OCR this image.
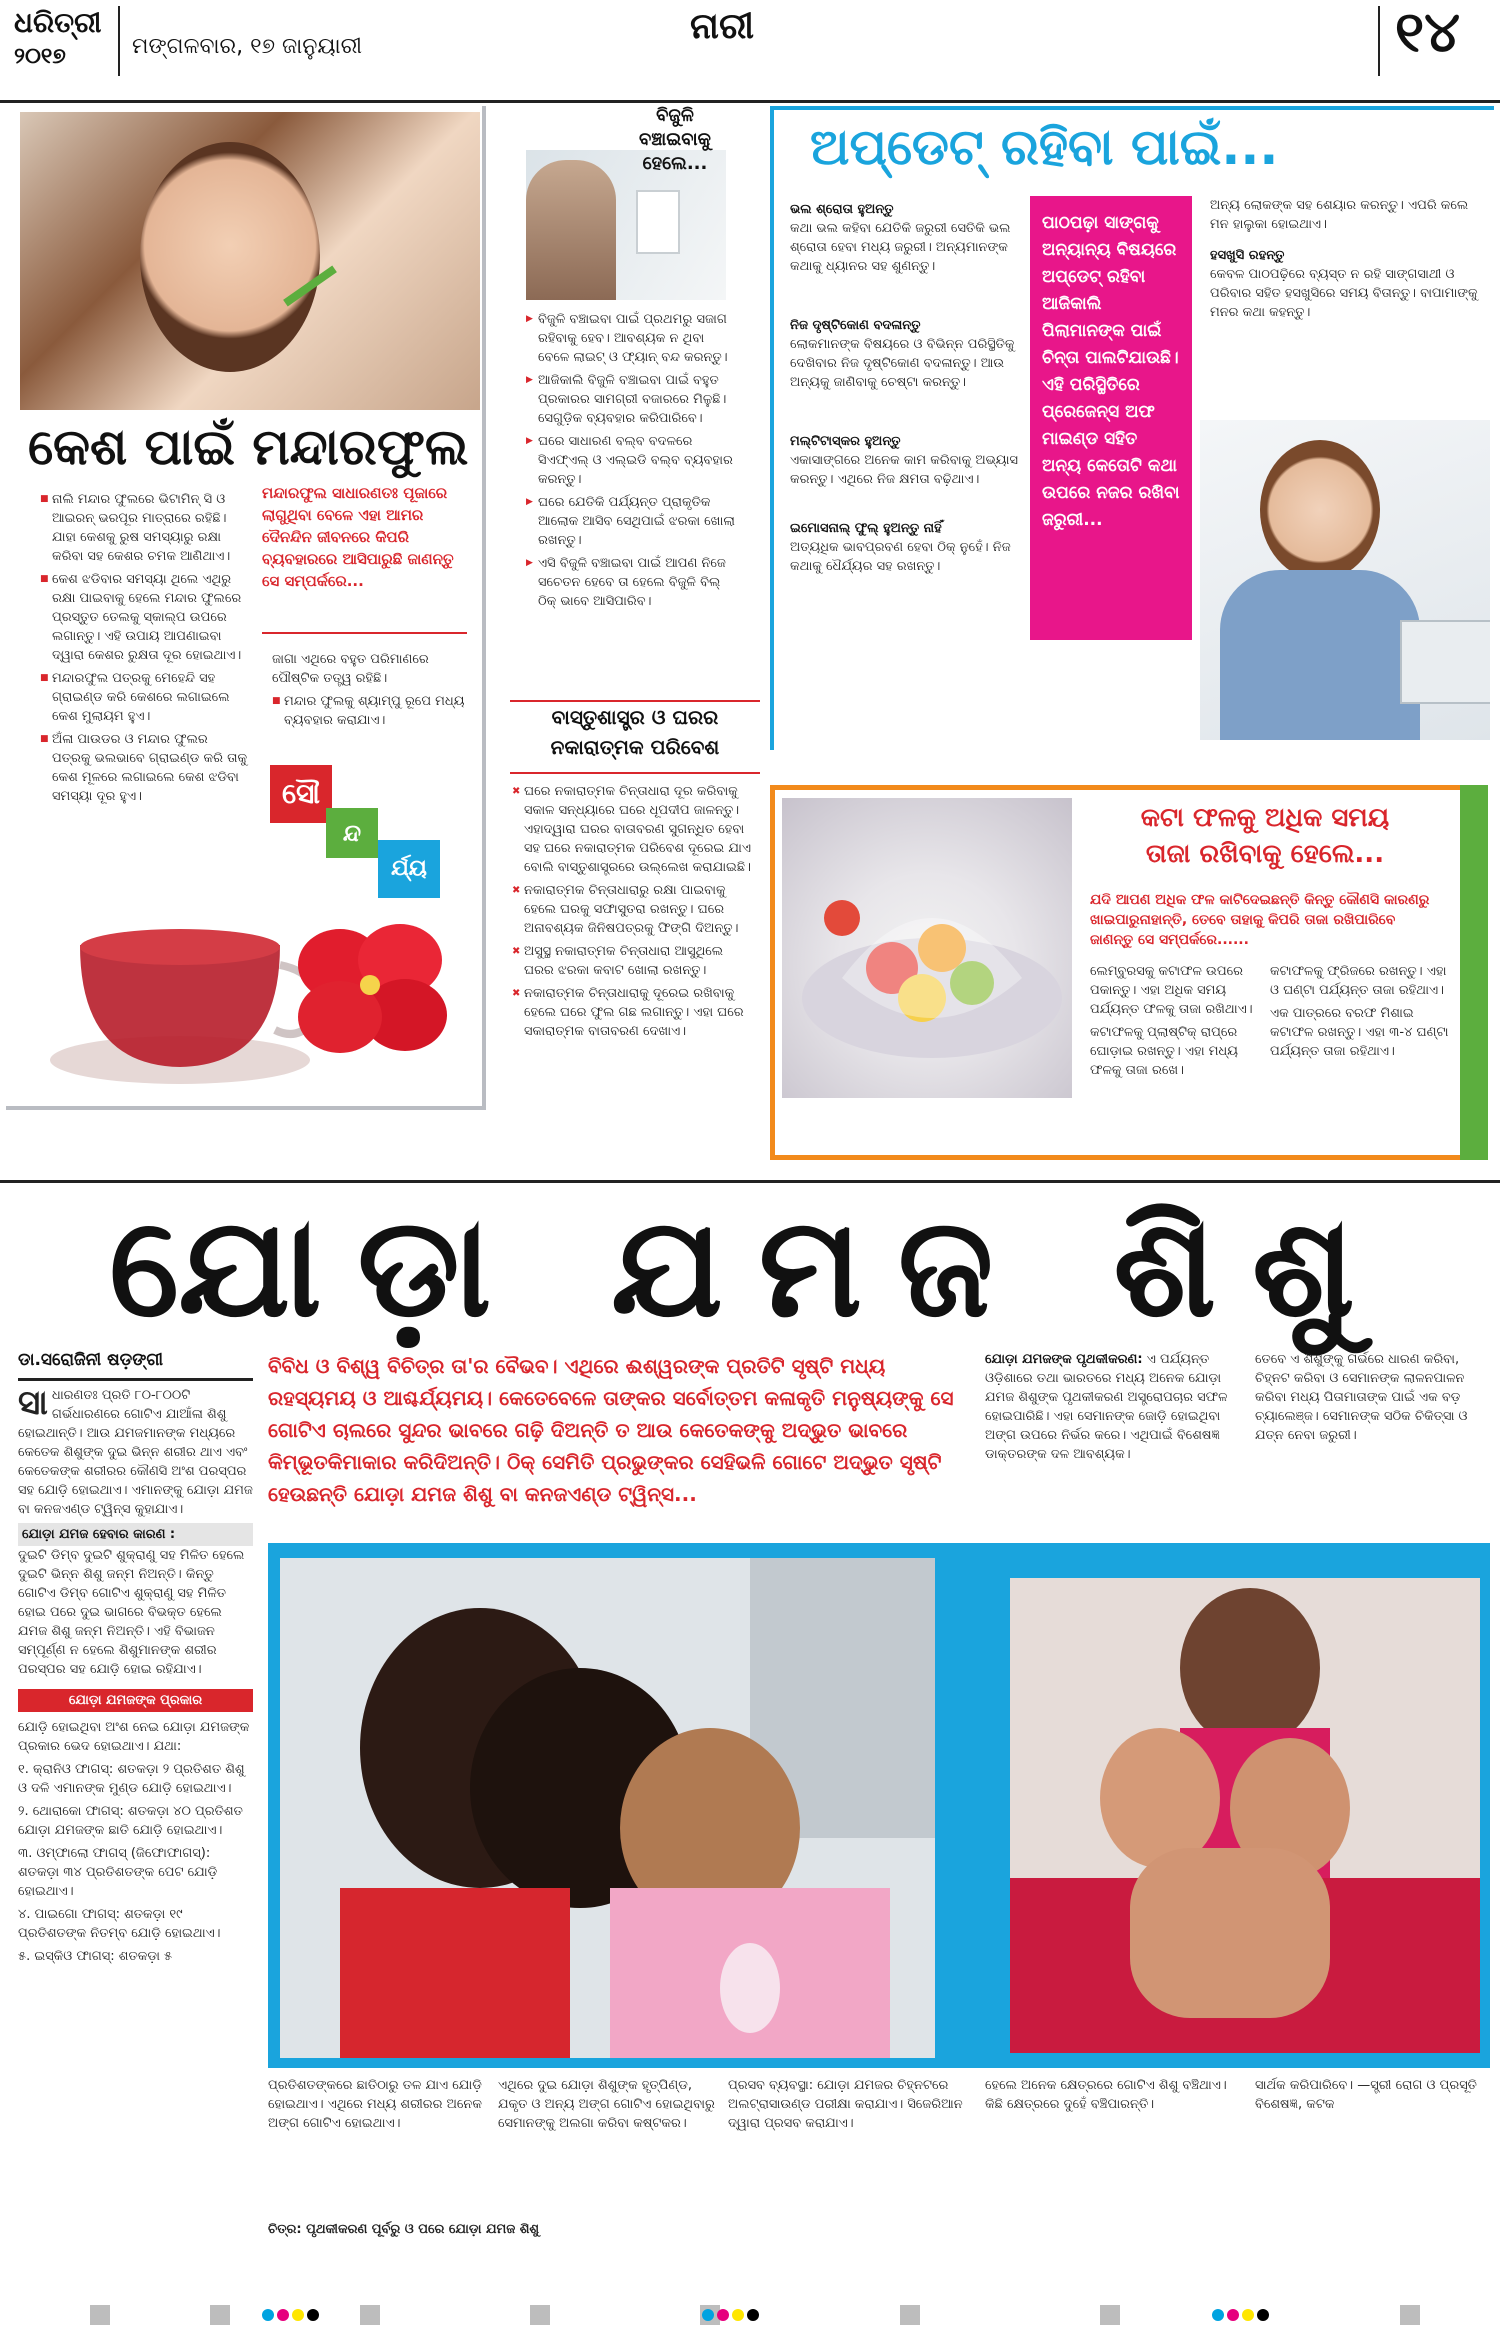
ଧରିତ୍ରୀ
୨୦୧୭	ମଙ୍ଗଳବାର, ୧୭ ଜାନୁୟାରୀ	ନାରୀ	୧୪
କେଶ ପାଇଁ ମନ୍ଦାରଫୁଲ

■ ନାଲି ମନ୍ଦାର ଫୁଲରେ ଭିଟାମିନ୍ ସି ଓ ଆଇରନ୍ ଭରପୂର ମାତ୍ରାରେ ରହିଛି। ଯାହା କେଶକୁ ରୁଷ ସମସ୍ୟାରୁ ରକ୍ଷା କରିବା ସହ କେଶର ଚମକ ଆଣିଥାଏ।

■ କେଶ ଝଡିବାର ସମସ୍ୟା ଥିଲେ ଏଥିରୁ ରକ୍ଷା ପାଇବାକୁ ହେଲେ ମନ୍ଦାର ଫୁଲରେ ପ୍ରସ୍ତୁତ ତେଲକୁ ସ୍କାଲ୍ପ ଉପରେ ଲଗାନ୍ତୁ। ଏହି ଉପାୟ ଆପଣାଇବା ଦ୍ୱାରା କେଶର ରୁକ୍ଷତା ଦୂର ହୋଇଥାଏ।

■ ମନ୍ଦାରଫୁଲ ପତ୍ରକୁ ମେହେନ୍ଦି ସହ ଗ୍ରାଇଣ୍ଡ କରି କେଶରେ ଲଗାଇଲେ କେଶ ମୁଲାୟମ ହୁଏ।

■ ଅଁଳା ପାଉଡର ଓ ମନ୍ଦାର ଫୁଲର ପତ୍ରକୁ ଭଲଭାବେ ଗ୍ରାଇଣ୍ଡ କରି ତାକୁ କେଶ ମୂଳରେ ଲଗାଇଲେ କେଶ ଝଡିବା ସମସ୍ୟା ଦୂର ହୁଏ।

ମନ୍ଦାରଫୁଲ ସାଧାରଣତଃ ପୂଜାରେ ଲାଗୁଥିବା ବେଳେ ଏହା ଆମର ଦୈନନ୍ଦିନ ଜୀବନରେ କିପରି ବ୍ୟବହାରରେ ଆସିପାରୁଛି ଜାଣନ୍ତୁ ସେ ସମ୍ପର୍କରେ...

ଜାଗା ଏଥିରେ ବହୁତ ପରିମାଣରେ ପୌଷ୍ଟିକ ତତ୍ତ୍ୱ ରହିଛି।

■ ମନ୍ଦାର ଫୁଲକୁ ଶ୍ୟାମ୍ପୁ ରୂପେ ମଧ୍ୟ ବ୍ୟବହାର କରାଯାଏ।

ସୌ
ନ୍ଦ
ର୍ଯ୍ୟ
ବିଜୁଳି
ବଞ୍ଚାଇବାକୁ
ହେଲେ...

▶ ବିଜୁଳି ବଞ୍ଚାଇବା ପାଇଁ ପ୍ରଥମରୁ ସଜାଗ ରହିବାକୁ ହେବ। ଆବଶ୍ୟକ ନ ଥିବା ବେଳେ ଲାଇଟ୍ ଓ ଫ୍ୟାନ୍ ବନ୍ଦ କରନ୍ତୁ।

▶ ଆଜିକାଲି ବିଜୁଳି ବଞ୍ଚାଇବା ପାଇଁ ବହୁତ ପ୍ରକାରର ସାମଗ୍ରୀ ବଜାରରେ ମିଳୁଛି। ସେଗୁଡ଼ିକ ବ୍ୟବହାର କରିପାରିବେ।

▶ ଘରେ ସାଧାରଣ ବଲ୍ବ ବଦଳରେ ସିଏଫ୍ଏଲ୍ ଓ ଏଲ୍ଇଡି ବଲ୍ବ ବ୍ୟବହାର କରନ୍ତୁ।

▶ ଘରେ ଯେତିକି ପର୍ଯ୍ୟନ୍ତ ପ୍ରାକୃତିକ ଆଲୋକ ଆସିବ ସେଥିପାଇଁ ଝରକା ଖୋଲା ରଖନ୍ତୁ।

▶ ଏସି ବିଜୁଳି ବଞ୍ଚାଇବା ପାଇଁ ଆପଣ ନିଜେ ସଚେତନ ହେବେ ତା ହେଲେ ବିଜୁଳି ବିଲ୍ ଠିକ୍ ଭାବେ ଆସିପାରିବ।

ବାସ୍ତୁଶାସ୍ତ୍ର ଓ ଘରର ନକାରାତ୍ମକ ପରିବେଶ

✖ ଘରେ ନକାରାତ୍ମକ ଚିନ୍ତାଧାରା ଦୂର କରିବାକୁ ସକାଳ ସନ୍ଧ୍ୟାରେ ଘରେ ଧୂପଦୀପ ଜାଳନ୍ତୁ। ଏହାଦ୍ୱାରା ଘରର ବାତାବରଣ ସୁଗନ୍ଧିତ ହେବା ସହ ଘରେ ନକାରାତ୍ମକ ପରିବେଶ ଦୂରେଇ ଯାଏ ବୋଲି ବାସ୍ତୁଶାସ୍ତ୍ରରେ ଉଲ୍ଲେଖ କରାଯାଇଛି।

✖ ନକାରାତ୍ମକ ଚିନ୍ତାଧାରାରୁ ରକ୍ଷା ପାଇବାକୁ ହେଲେ ଘରକୁ ସଫାସୁତରା ରଖନ୍ତୁ। ଘରେ ଅନାବଶ୍ୟକ ଜିନିଷପତ୍ରକୁ ଫିଙ୍ଗି ଦିଅନ୍ତୁ।

✖ ଅସୁସ୍ଥ ନକାରାତ୍ମକ ଚିନ୍ତାଧାରା ଆସୁଥିଲେ ଘରର ଝରକା କବାଟ ଖୋଲା ରଖନ୍ତୁ।

✖ ନକାରାତ୍ମକ ଚିନ୍ତାଧାରାକୁ ଦୂରେଇ ରଖିବାକୁ ହେଲେ ଘରେ ଫୁଲ ଗଛ ଲଗାନ୍ତୁ। ଏହା ଘରେ ସକାରାତ୍ମକ ବାତାବରଣ ଦେଖାଏ।

ଅପ୍‌ଡେଟ୍ ରହିବା ପାଇଁ...
ପାଠପଢ଼ା ସାଙ୍ଗକୁ ଅନ୍ୟାନ୍ୟ ବିଷୟରେ ଅପ୍‌ଡେଟ୍ ରହିବା ଆଜିକାଲି ପିଲାମାନଙ୍କ ପାଇଁ ଚିନ୍ତା ପାଲଟିଯାଉଛି। ଏହି ପରିସ୍ଥିତିରେ ପ୍ରେଜେନ୍ସ ଅଫ ମାଇଣ୍ଡ ସହିତ ଅନ୍ୟ କେତୋଟି କଥା ଉପରେ ନଜର ରଖିବା ଜରୁରୀ...
ଭଲ ଶ୍ରୋତା ହୁଅନ୍ତୁ

କଥା ଭଲ କହିବା ଯେତିକି ଜରୁରୀ ସେତିକି ଭଲ ଶ୍ରୋତା ହେବା ମଧ୍ୟ ଜରୁରୀ। ଅନ୍ୟମାନଙ୍କ କଥାକୁ ଧ୍ୟାନର ସହ ଶୁଣନ୍ତୁ।

ନିଜ ଦୃଷ୍ଟିକୋଣ ବଦଳାନ୍ତୁ

ଲୋକମାନଙ୍କ ବିଷୟରେ ଓ ବିଭିନ୍ନ ପରିସ୍ଥିତିକୁ ଦେଖିବାର ନିଜ ଦୃଷ୍ଟିକୋଣ ବଦଳାନ୍ତୁ। ଆଉ ଅନ୍ୟକୁ ଜାଣିବାକୁ ଚେଷ୍ଟା କରନ୍ତୁ।

ମଲ୍ଟିଟାସ୍କର ହୁଅନ୍ତୁ

ଏକାସାଙ୍ଗରେ ଅନେକ କାମ କରିବାକୁ ଅଭ୍ୟାସ କରନ୍ତୁ। ଏଥିରେ ନିଜ କ୍ଷମତା ବଢ଼ିଥାଏ।

ଇମୋସନାଲ୍ ଫୁଲ୍ ହୁଅନ୍ତୁ ନାହିଁ

ଅତ୍ୟଧିକ ଭାବପ୍ରବଣ ହେବା ଠିକ୍ ନୁହେଁ। ନିଜ କଥାକୁ ଧୈର୍ଯ୍ୟର ସହ ରଖନ୍ତୁ।

ଅନ୍ୟ ଲୋକଙ୍କ ସହ ଶେୟାର କରନ୍ତୁ। ଏପରି କଲେ ମନ ହାଲୁକା ହୋଇଥାଏ।

ହସଖୁସି ରହନ୍ତୁ

କେବଳ ପାଠପଢ଼ିରେ ବ୍ୟସ୍ତ ନ ରହି ସାଙ୍ଗସାଥୀ ଓ ପରିବାର ସହିତ ହସଖୁସିରେ ସମୟ ବିତାନ୍ତୁ। ବାପାମାଙ୍କୁ ମନର କଥା କହନ୍ତୁ।

କଟା ଫଳକୁ ଅଧିକ ସମୟ
ତାଜା ରଖିବାକୁ ହେଲେ...
ଯଦି ଆପଣ ଅଧିକ ଫଳ କାଟିଦେଇଛନ୍ତି କିନ୍ତୁ କୌଣସି କାରଣରୁ ଖାଇପାରୁନାହାନ୍ତି, ତେବେ ତାହାକୁ କିପରି ତାଜା ରଖିପାରିବେ ଜାଣନ୍ତୁ ସେ ସମ୍ପର୍କରେ......

ଲେମ୍ବୁରସକୁ କଟାଫଳ ଉପରେ ପକାନ୍ତୁ। ଏହା ଅଧିକ ସମୟ ପର୍ଯ୍ୟନ୍ତ ଫଳକୁ ତାଜା ରଖିଥାଏ।

କଟାଫଳକୁ ପ୍ଲାଷ୍ଟିକ୍ ରାପ୍‌ରେ ଘୋଡ଼ାଇ ରଖନ୍ତୁ। ଏହା ମଧ୍ୟ ଫଳକୁ ତାଜା ରଖେ।

କଟାଫଳକୁ ଫ୍ରିଜରେ ରଖନ୍ତୁ। ଏହା ଓ ଘଣ୍ଟା ପର୍ଯ୍ୟନ୍ତ ତାଜା ରହିଥାଏ।

ଏକ ପାତ୍ରରେ ବରଫ ମିଶାଇ କଟାଫଳ ରଖନ୍ତୁ। ଏହା ୩-୪ ଘଣ୍ଟା ପର୍ଯ୍ୟନ୍ତ ତାଜା ରହିଥାଏ।

ଯୋଡ଼ା ଯମଜ ଶିଶୁ
ଡା.ସରୋଜିନୀ ଷଡ଼ଙ୍ଗୀ

ସାଧାରଣତଃ ପ୍ରତି ୮୦-୮୦୦ଟି ଗର୍ଭଧାରଣରେ ଗୋଟିଏ ଯାଆଁଳା ଶିଶୁ ହୋଇଥାନ୍ତି। ଆଉ ଯମଜମାନଙ୍କ ମଧ୍ୟରେ କେତେକ ଶିଶୁଙ୍କ ଦୁଇ ଭିନ୍ନ ଶରୀର ଥାଏ ଏବଂ କେତେକଙ୍କ ଶରୀରର କୌଣସି ଅଂଶ ପରସ୍ପର ସହ ଯୋଡ଼ି ହୋଇଥାଏ। ଏମାନଙ୍କୁ ଯୋଡ଼ା ଯମଜ ବା କନଜଏଣ୍ଡ ଟ୍ୱିନ୍ସ କୁହାଯାଏ।

ଯୋଡ଼ା ଯମଜ ହେବାର କାରଣ :

ଦୁଇଟି ଡିମ୍ବ ଦୁଇଟି ଶୁକ୍ରାଣୁ ସହ ମିଳିତ ହେଲେ ଦୁଇଟି ଭିନ୍ନ ଶିଶୁ ଜନ୍ମ ନିଅନ୍ତି। କିନ୍ତୁ ଗୋଟିଏ ଡିମ୍ବ ଗୋଟିଏ ଶୁକ୍ରାଣୁ ସହ ମିଳିତ ହୋଇ ପରେ ଦୁଇ ଭାଗରେ ବିଭକ୍ତ ହେଲେ ଯମଜ ଶିଶୁ ଜନ୍ମ ନିଅନ୍ତି। ଏହି ବିଭାଜନ ସମ୍ପୂର୍ଣ୍ଣ ନ ହେଲେ ଶିଶୁମାନଙ୍କ ଶରୀର ପରସ୍ପର ସହ ଯୋଡ଼ି ହୋଇ ରହିଯାଏ।

ଯୋଡ଼ା ଯମଜଙ୍କ ପ୍ରକାର

ଯୋଡ଼ି ହୋଇଥିବା ଅଂଶ ନେଇ ଯୋଡ଼ା ଯମଜଙ୍କ ପ୍ରକାର ଭେଦ ହୋଇଥାଏ। ଯଥା:

୧. କ୍ରାନିଓ ଫାଗସ୍: ଶତକଡ଼ା ୨ ପ୍ରତିଶତ ଶିଶୁ ଓ ଦଳି ଏମାନଙ୍କ ମୁଣ୍ଡ ଯୋଡ଼ି ହୋଇଥାଏ।

୨. ଥୋରାକୋ ଫାଗସ୍: ଶତକଡ଼ା ୪୦ ପ୍ରତିଶତ ଯୋଡ଼ା ଯମଜଙ୍କ ଛାତି ଯୋଡ଼ି ହୋଇଥାଏ।

୩. ଓମ୍ଫାଲୋ ଫାଗସ୍ (ଜିଫୋଫାଗସ୍): ଶତକଡ଼ା ୩୪ ପ୍ରତିଶତଙ୍କ ପେଟ ଯୋଡ଼ି ହୋଇଥାଏ।

୪. ପାଇଗୋ ଫାଗସ୍: ଶତକଡ଼ା ୧୯ ପ୍ରତିଶତଙ୍କ ନିତମ୍ବ ଯୋଡ଼ି ହୋଇଥାଏ।

୫. ଇସ୍କିଓ ଫାଗସ୍: ଶତକଡ଼ା ୫

ବିବିଧ ଓ ବିଶ୍ୱ ବିଚିତ୍ର ତା'ର ବୈଭବ। ଏଥିରେ ଈଶ୍ୱରଙ୍କ ପ୍ରତିଟି ସୃଷ୍ଟି ମଧ୍ୟ ରହସ୍ୟମୟ ଓ ଆଶ୍ଚର୍ଯ୍ୟମୟ। କେତେବେଳେ ତାଙ୍କର ସର୍ବୋତ୍ତମ କଳାକୃତି ମନୁଷ୍ୟଙ୍କୁ ସେ ଗୋଟିଏ ଚାଲରେ ସୁନ୍ଦର ଭାବରେ ଗଢ଼ି ଦିଅନ୍ତି ତ ଆଉ କେତେକଙ୍କୁ ଅଦ୍ଭୁତ ଭାବରେ କିମ୍ଭୂତକିମାକାର କରିଦିଅନ୍ତି। ଠିକ୍ ସେମିତି ପ୍ରଭୁଙ୍କର ସେହିଭଳି ଗୋଟେ ଅଦ୍ଭୁତ ସୃଷ୍ଟି ହେଉଛନ୍ତି ଯୋଡ଼ା ଯମଜ ଶିଶୁ ବା କନଜଏଣ୍ଡ ଟ୍ୱିନ୍ସ...
ଯୋଡ଼ା ଯମଜଙ୍କ ପୃଥକୀକରଣ: ଏ ପର୍ଯ୍ୟନ୍ତ ଓଡ଼ିଶାରେ ତଥା ଭାରତରେ ମଧ୍ୟ ଅନେକ ଯୋଡ଼ା ଯମଜ ଶିଶୁଙ୍କ ପୃଥକୀକରଣ ଅସ୍ତ୍ରୋପଚାର ସଫଳ ହୋଇପାରିଛି। ଏହା ସେମାନଙ୍କ ଜୋଡ଼ି ହୋଇଥିବା ଅଙ୍ଗ ଉପରେ ନିର୍ଭର କରେ। ଏଥିପାଇଁ ବିଶେଷଜ୍ଞ ଡାକ୍ତରଙ୍କ ଦଳ ଆବଶ୍ୟକ।
ତେବେ ଏ ଶିଶୁଙ୍କୁ ଗର୍ଭରେ ଧାରଣ କରିବା, ଚିହ୍ନଟ କରିବା ଓ ସେମାନଙ୍କ ଲାଳନପାଳନ କରିବା ମଧ୍ୟ ପିତାମାତାଙ୍କ ପାଇଁ ଏକ ବଡ଼ ଚ୍ୟାଲେଞ୍ଜ। ସେମାନଙ୍କ ସଠିକ ଚିକିତ୍ସା ଓ ଯତ୍ନ ନେବା ଜରୁରୀ।
ପ୍ରତିଶତଙ୍କରେ ଛାତିଠାରୁ ତଳ ଯାଏ ଯୋଡ଼ି ହୋଇଥାଏ। ଏଥିରେ ମଧ୍ୟ ଶରୀରର ଅନେକ ଅଙ୍ଗ ଗୋଟିଏ ହୋଇଥାଏ।
ଏଥିରେ ଦୁଇ ଯୋଡ଼ା ଶିଶୁଙ୍କ ହୃତ୍‌ପିଣ୍ଡ, ଯକୃତ ଓ ଅନ୍ୟ ଅଙ୍ଗ ଗୋଟିଏ ହୋଇଥିବାରୁ ସେମାନଙ୍କୁ ଅଲଗା କରିବା କଷ୍ଟକର।
ପ୍ରସବ ବ୍ୟବସ୍ଥା: ଯୋଡ଼ା ଯମଜର ଚିହ୍ନଟରେ ଅଲଟ୍ରାସାଉଣ୍ଡ ପରୀକ୍ଷା କରାଯାଏ। ସିଜେରିଆନ ଦ୍ୱାରା ପ୍ରସବ କରାଯାଏ।
ହେଲେ ଅନେକ କ୍ଷେତ୍ରରେ ଗୋଟିଏ ଶିଶୁ ବଞ୍ଚିଥାଏ। କିଛି କ୍ଷେତ୍ରରେ ଦୁହେଁ ବଞ୍ଚିପାରନ୍ତି।
ସାର୍ଥକ କରିପାରିବେ। —ସ୍ତ୍ରୀ ରୋଗ ଓ ପ୍ରସୂତି ବିଶେଷଜ୍ଞ, କଟକ
ଚିତ୍ର: ପୃଥକୀକରଣ ପୂର୍ବରୁ ଓ ପରେ ଯୋଡ଼ା ଯମଜ ଶିଶୁ
